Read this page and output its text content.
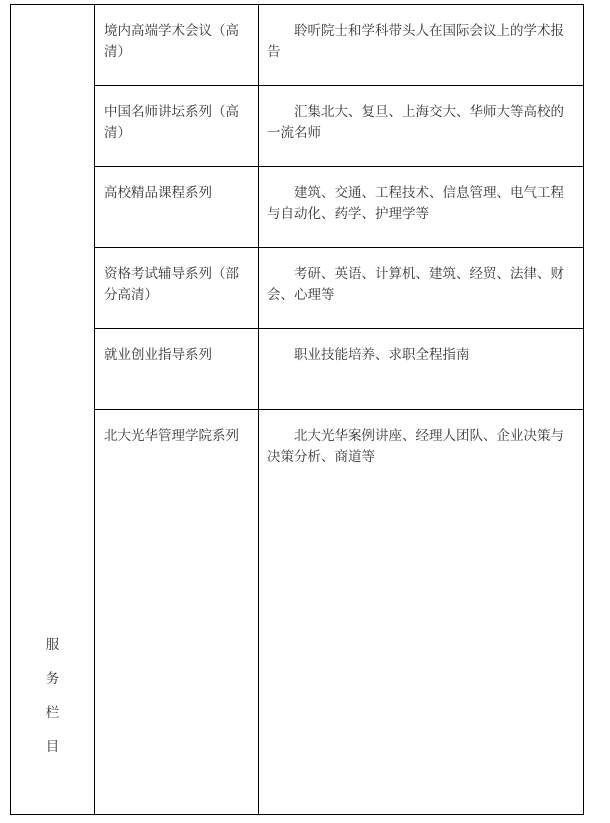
服
务
栏
目	境内高端学术会议（高清）	聆听院士和学科带头人在国际会议上的学术报告
	中国名师讲坛系列（高清）	汇集北大、复旦、上海交大、华师大等高校的一流名师
	高校精品课程系列	建筑、交通、工程技术、信息管理、电气工程与自动化、药学、护理学等
	资格考试辅导系列（部分高清）	考研、英语、计算机、建筑、经贸、法律、财会、心理等
	就业创业指导系列	职业技能培养、求职全程指南
	北大光华管理学院系列	北大光华案例讲座、经理人团队、企业决策与决策分析、商道等
